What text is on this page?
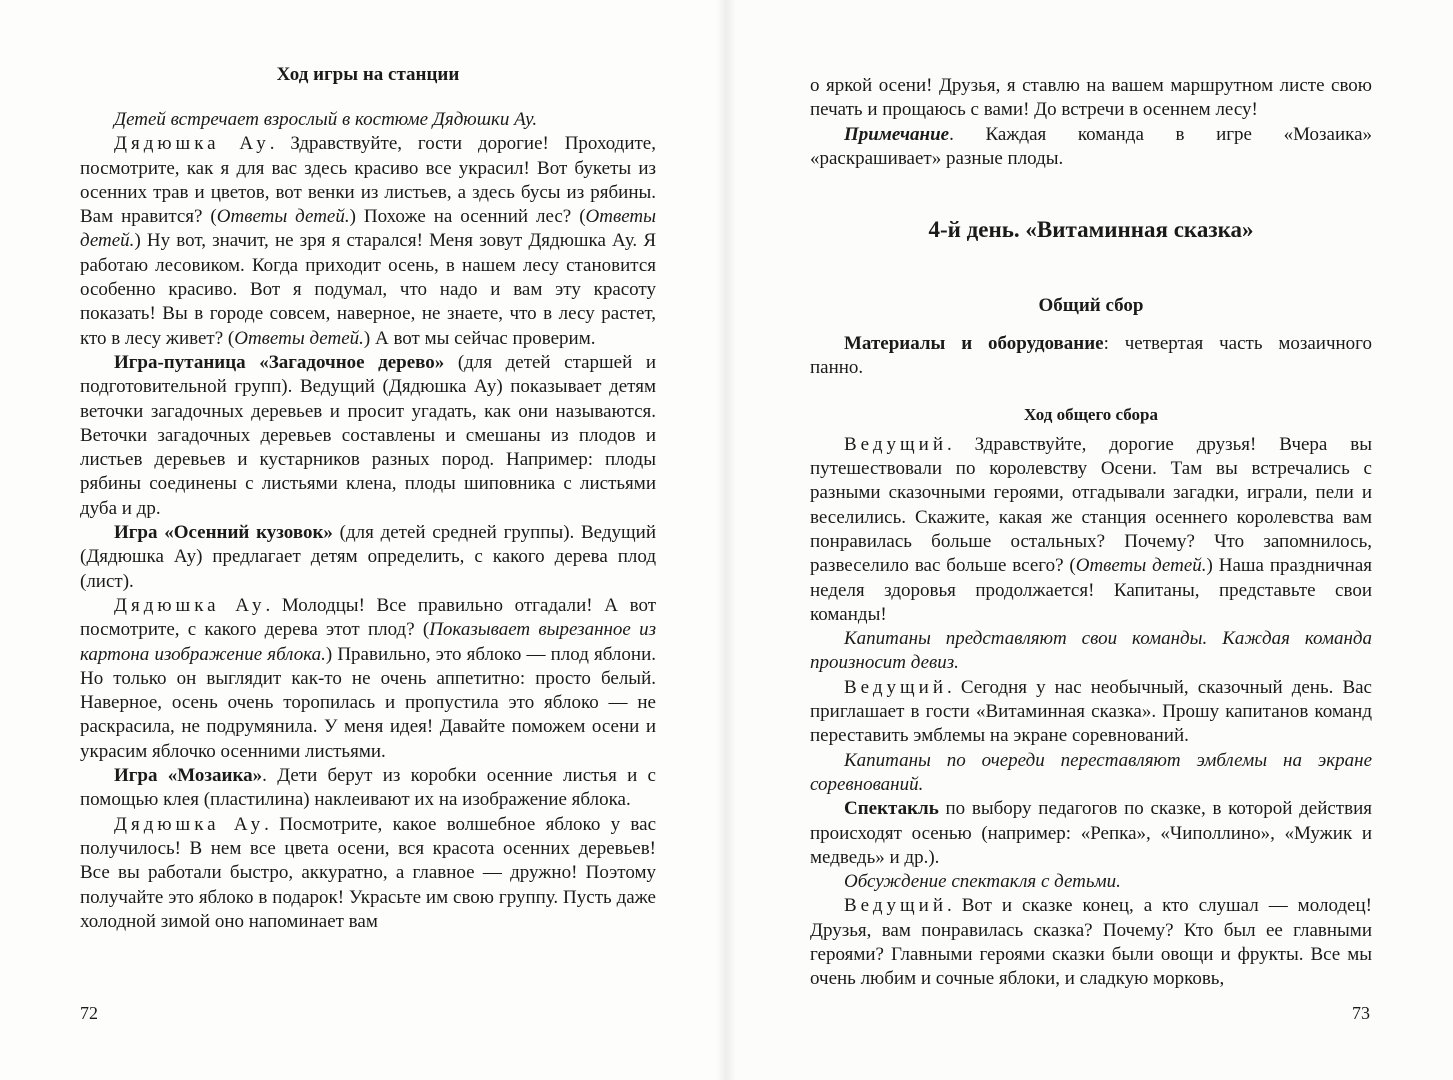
Ход игры на станции

Детей встречает взрослый в костюме Дядюшки Ау.

Дядюшка Ау. Здравствуйте, гости дорогие! Проходите, посмотрите, как я для вас здесь красиво все украсил! Вот букеты из осенних трав и цветов, вот венки из листьев, а здесь бусы из рябины. Вам нравится? (Ответы детей.) Похоже на осенний лес? (Ответы детей.) Ну вот, значит, не зря я старался! Меня зовут Дядюшка Ау. Я работаю лесовиком. Когда приходит осень, в нашем лесу становится особенно красиво. Вот я подумал, что надо и вам эту красоту показать! Вы в городе совсем, наверное, не знаете, что в лесу растет, кто в лесу живет? (Ответы детей.) А вот мы сейчас проверим.

Игра-путаница «Загадочное дерево» (для детей старшей и подготовительной групп). Ведущий (Дядюшка Ау) показывает детям веточки загадочных деревьев и просит угадать, как они называются. Веточки загадочных деревьев составлены и смешаны из плодов и листьев деревьев и кустарников разных пород. Например: плоды рябины соединены с листьями клена, плоды шиповника с листьями дуба и др.

Игра «Осенний кузовок» (для детей средней группы). Ведущий (Дядюшка Ау) предлагает детям определить, с какого дерева плод (лист).

Дядюшка Ау. Молодцы! Все правильно отгадали! А вот посмотрите, с какого дерева этот плод? (Показывает вырезанное из картона изображение яблока.) Правильно, это яблоко — плод яблони. Но только он выглядит как-то не очень аппетитно: просто белый. Наверное, осень очень торопилась и пропустила это яблоко — не раскрасила, не подрумянила. У меня идея! Давайте поможем осени и украсим яблочко осенними листьями.

Игра «Мозаика». Дети берут из коробки осенние листья и с помощью клея (пластилина) наклеивают их на изображение яблока.

Дядюшка Ау. Посмотрите, какое волшебное яблоко у вас получилось! В нем все цвета осени, вся красота осенних деревьев! Все вы работали быстро, аккуратно, а главное — дружно! Поэтому получайте это яблоко в подарок! Украсьте им свою группу. Пусть даже холодной зимой оно напоминает вам

72

о яркой осени! Друзья, я ставлю на вашем маршрутном листе свою печать и прощаюсь с вами! До встречи в осеннем лесу!

Примечание. Каждая команда в игре «Мозаика» «раскрашивает» разные плоды.

4-й день. «Витаминная сказка»
Общий сбор

Материалы и оборудование: четвертая часть мозаичного панно.

Ход общего сбора

Ведущий. Здравствуйте, дорогие друзья! Вчера вы путешествовали по королевству Осени. Там вы встречались с разными сказочными героями, отгадывали загадки, играли, пели и веселились. Скажите, какая же станция осеннего королевства вам понравилась больше остальных? Почему? Что запомнилось, развеселило вас больше всего? (Ответы детей.) Наша праздничная неделя здоровья продолжается! Капитаны, представьте свои команды!

Капитаны представляют свои команды. Каждая команда произносит девиз.

Ведущий. Сегодня у нас необычный, сказочный день. Вас приглашает в гости «Витаминная сказка». Прошу капитанов команд переставить эмблемы на экране соревнований.

Капитаны по очереди переставляют эмблемы на экране соревнований.

Спектакль по выбору педагогов по сказке, в которой действия происходят осенью (например: «Репка», «Чиполлино», «Мужик и медведь» и др.).

Обсуждение спектакля с детьми.

Ведущий. Вот и сказке конец, а кто слушал — молодец! Друзья, вам понравилась сказка? Почему? Кто был ее главными героями? Главными героями сказки были овощи и фрукты. Все мы очень любим и сочные яблоки, и сладкую морковь,

73
